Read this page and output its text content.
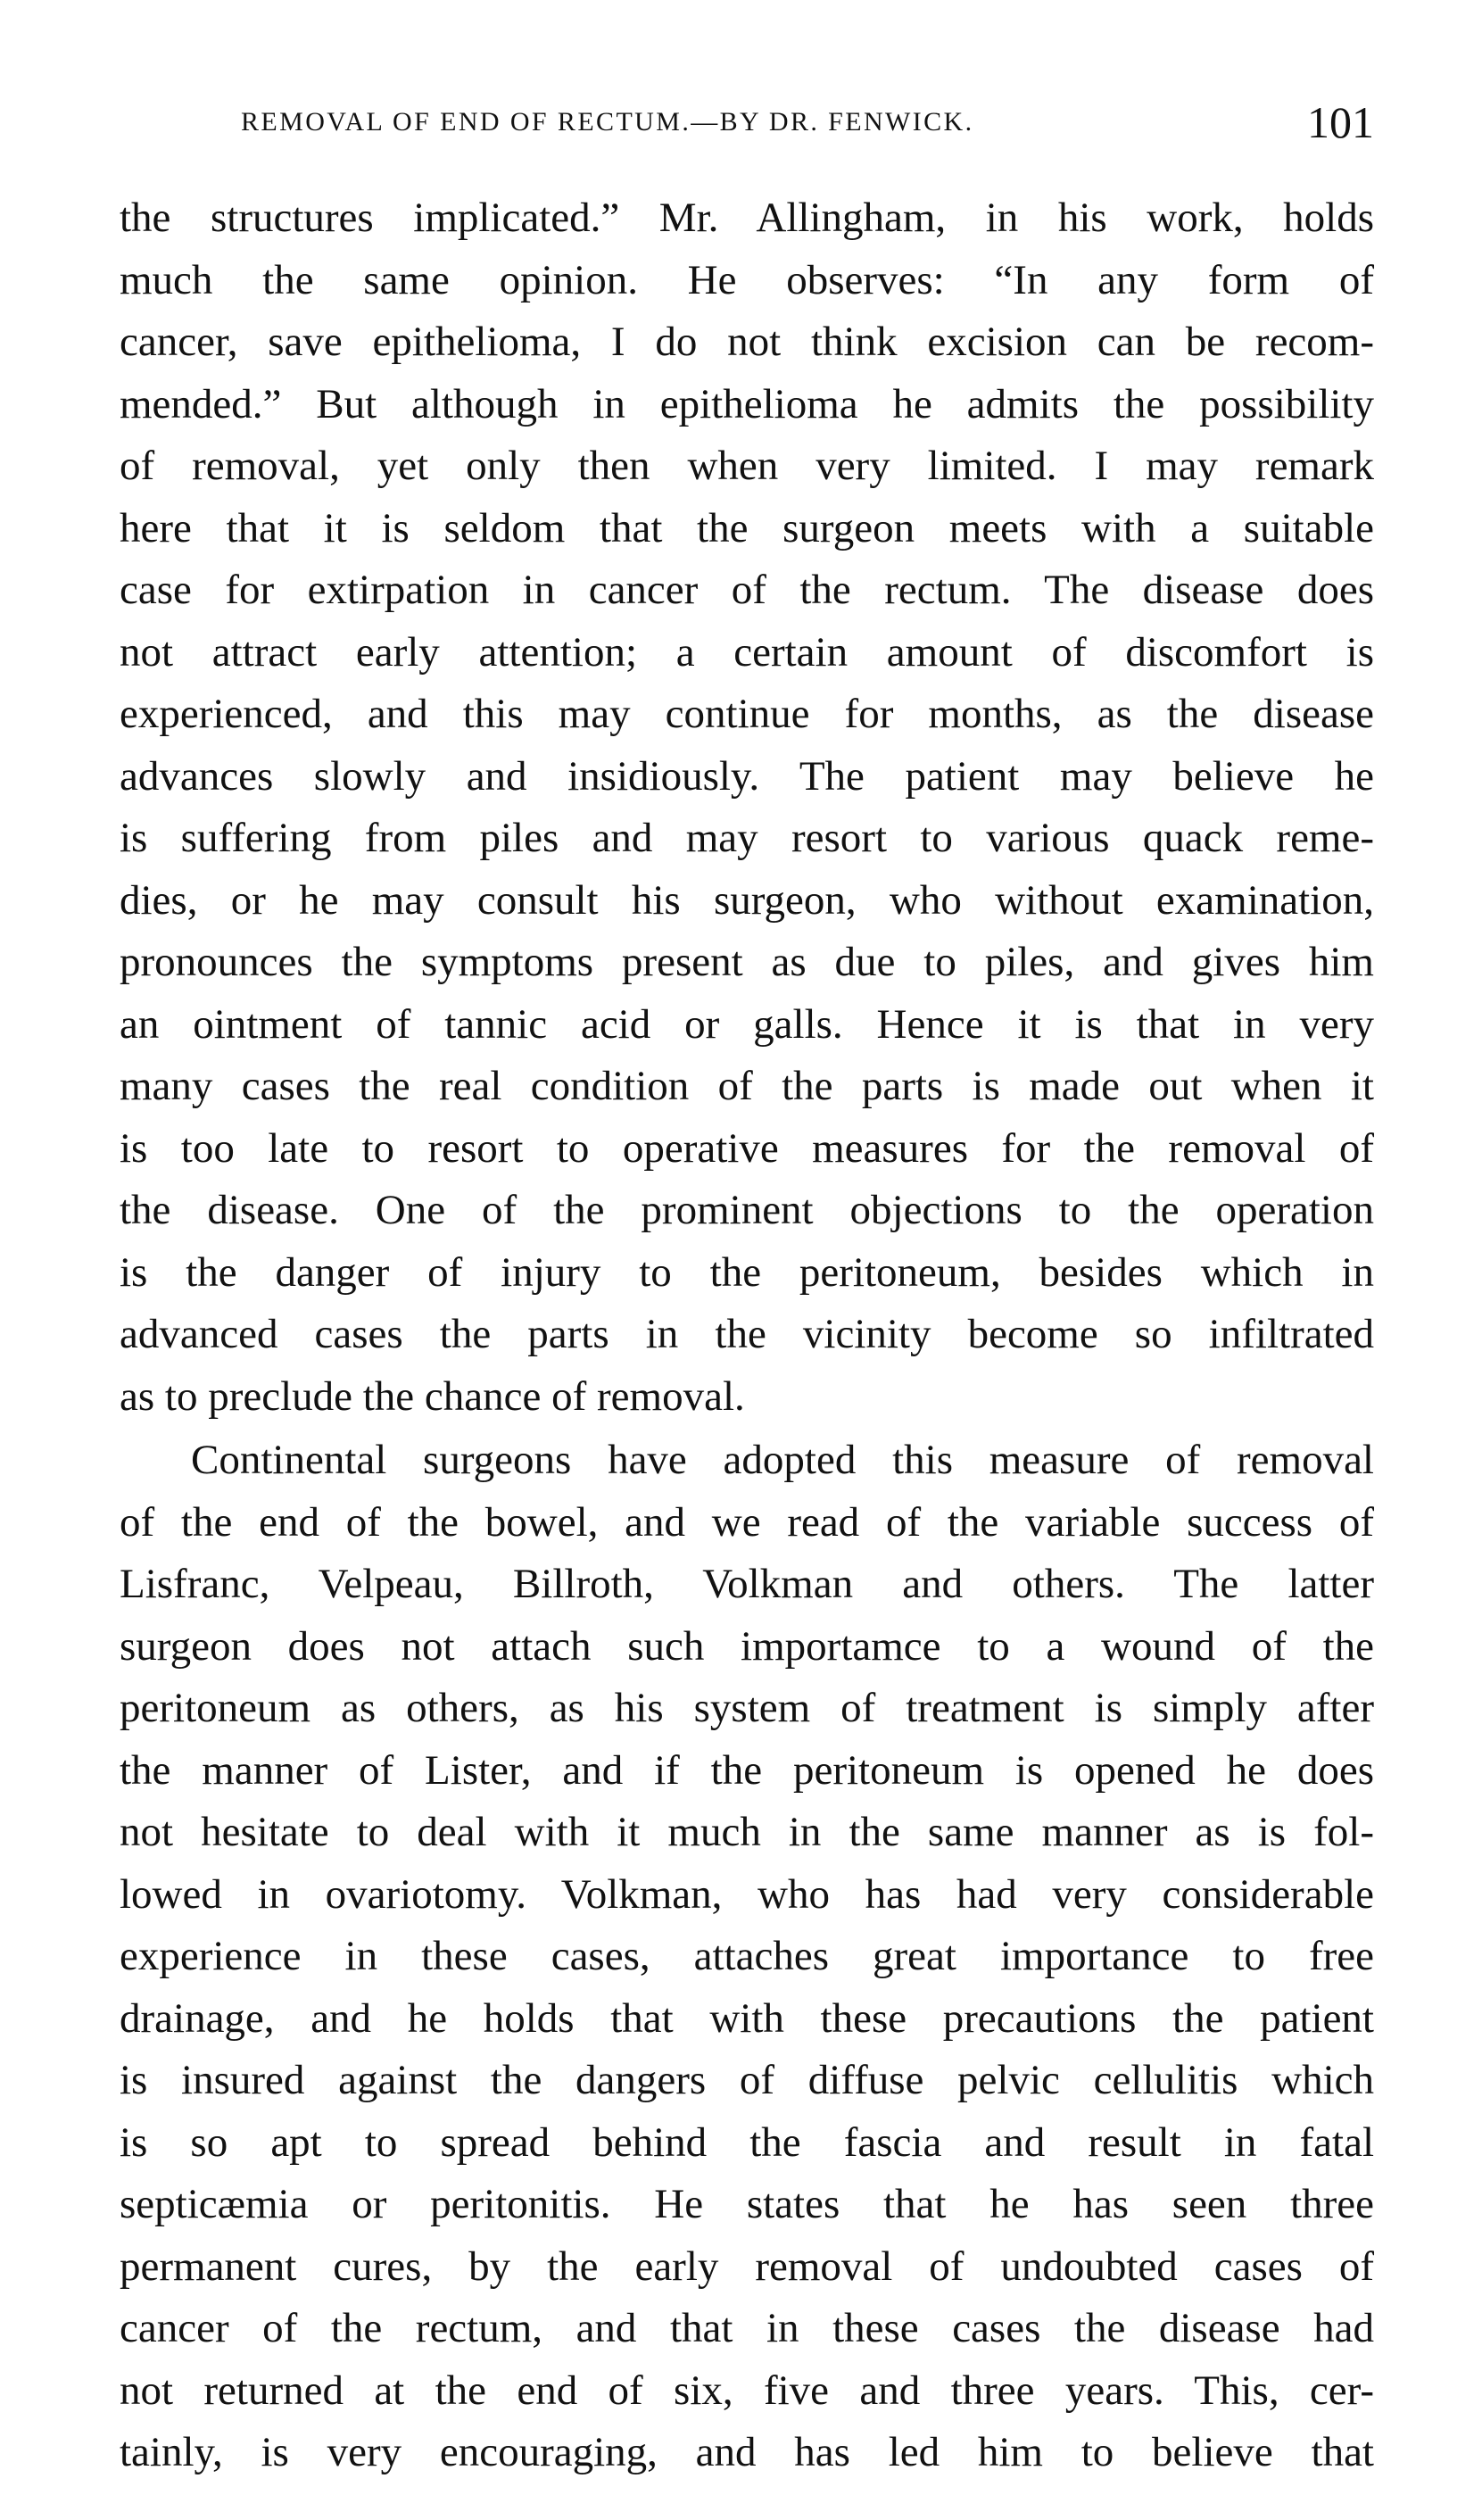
REMOVAL OF END OF RECTUM.—BY DR. FENWICK.	101
the structures implicated.” Mr. Allingham, in his work, holds
much the same opinion. He observes: “In any form of
cancer, save epithelioma, I do not think excision can be recom-
mended.” But although in epithelioma he admits the possibility
of removal, yet only then when very limited. I may remark
here that it is seldom that the surgeon meets with a suitable
case for extirpation in cancer of the rectum. The disease does
not attract early attention; a certain amount of discomfort is
experienced, and this may continue for months, as the disease
advances slowly and insidiously. The patient may believe he
is suffering from piles and may resort to various quack reme-
dies, or he may consult his surgeon, who without examination,
pronounces the symptoms present as due to piles, and gives him
an ointment of tannic acid or galls. Hence it is that in very
many cases the real condition of the parts is made out when it
is too late to resort to operative measures for the removal of
the disease. One of the prominent objections to the operation
is the danger of injury to the peritoneum, besides which in
advanced cases the parts in the vicinity become so infiltrated
as to preclude the chance of removal.
Continental surgeons have adopted this measure of removal
of the end of the bowel, and we read of the variable success of
Lisfranc, Velpeau, Billroth, Volkman and others. The latter
surgeon does not attach such importamce to a wound of the
peritoneum as others, as his system of treatment is simply after
the manner of Lister, and if the peritoneum is opened he does
not hesitate to deal with it much in the same manner as is fol-
lowed in ovariotomy. Volkman, who has had very considerable
experience in these cases, attaches great importance to free
drainage, and he holds that with these precautions the patient
is insured against the dangers of diffuse pelvic cellulitis which
is so apt to spread behind the fascia and result in fatal
septicæmia or peritonitis. He states that he has seen three
permanent cures, by the early removal of undoubted cases of
cancer of the rectum, and that in these cases the disease had
not returned at the end of six, five and three years. This, cer-
tainly, is very encouraging, and has led him to believe that
